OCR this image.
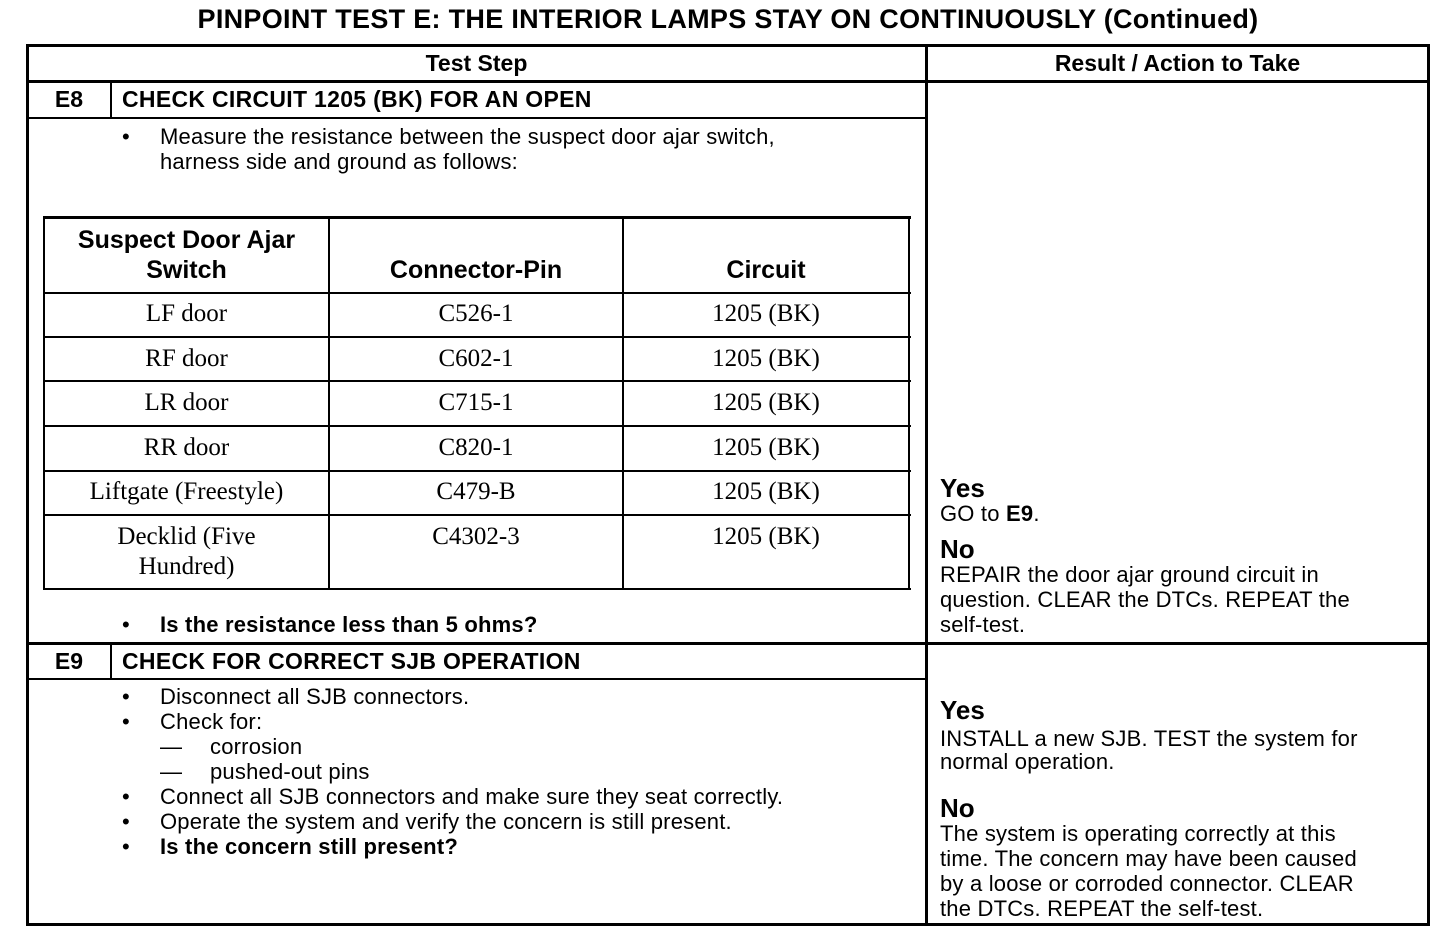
PINPOINT TEST E: THE INTERIOR LAMPS STAY ON CONTINUOUSLY (Continued)
Test Step	Result / Action to Take
E8	CHECK CIRCUIT 1205 (BK) FOR AN OPEN
• Measure the resistance between the suspect door ajar switch,
harness side and ground as follows:
Suspect Door Ajar
Switch	Connector-Pin	Circuit
LF door	C526-1	1205 (BK)
RF door	C602-1	1205 (BK)
LR door	C715-1	1205 (BK)
RR door	C820-1	1205 (BK)
Liftgate (Freestyle)	C479-B	1205 (BK)
Decklid (Five
Hundred)
C4302-3	1205 (BK)
• Is the resistance less than 5 ohms?
Yes
GO to E9.
No
REPAIR the door ajar ground circuit in
question. CLEAR the DTCs. REPEAT the
self-test.
E9	CHECK FOR CORRECT SJB OPERATION
• Disconnect all SJB connectors.
• Check for:
— corrosion
— pushed-out pins
• Connect all SJB connectors and make sure they seat correctly.
• Operate the system and verify the concern is still present.
• Is the concern still present?
Yes
INSTALL a new SJB. TEST the system for
normal operation.
No
The system is operating correctly at this
time. The concern may have been caused
by a loose or corroded connector. CLEAR
the DTCs. REPEAT the self-test.
